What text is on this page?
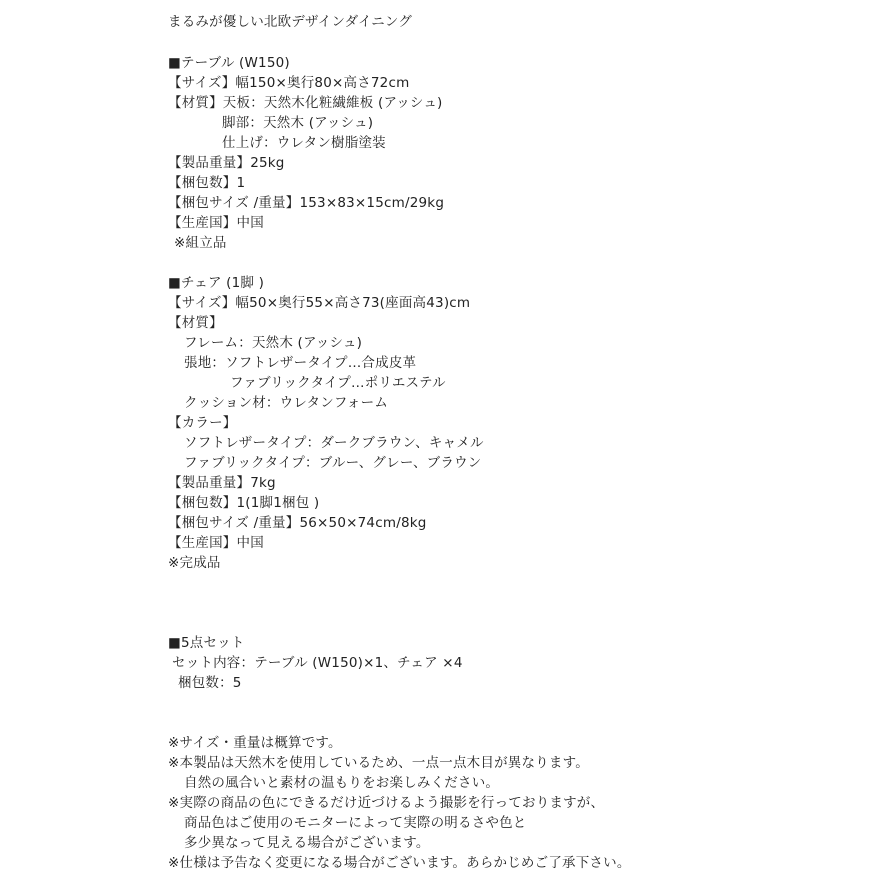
まるみが優しい北欧デザインダイニング
■テーブル (W150)
【サイズ】幅150×奥行80×高さ72cm
【材質】天板：天然木化粧繊維板 (アッシュ)
脚部：天然木 (アッシュ)
仕上げ：ウレタン樹脂塗装
【製品重量】25kg
【梱包数】1
【梱包サイズ /重量】153×83×15cm/29kg
【生産国】中国
※組立品
■チェア (1脚 )
【サイズ】幅50×奥行55×高さ73(座面高43)cm
【材質】
フレーム：天然木 (アッシュ)
張地：ソフトレザータイプ…合成皮革
ファブリックタイプ…ポリエステル
クッション材：ウレタンフォーム
【カラー】
ソフトレザータイプ：ダークブラウン、キャメル
ファブリックタイプ：ブルー、グレー、ブラウン
【製品重量】7kg
【梱包数】1(1脚1梱包 )
【梱包サイズ /重量】56×50×74cm/8kg
【生産国】中国
※完成品
■5点セット
セット内容：テーブル (W150)×1、チェア ×4
梱包数：5
※サイズ・重量は概算です。
※本製品は天然木を使用しているため、一点一点木目が異なります。
自然の風合いと素材の温もりをお楽しみください。
※実際の商品の色にできるだけ近づけるよう撮影を行っておりますが、
商品色はご使用のモニターによって実際の明るさや色と
多少異なって見える場合がございます。
※仕様は予告なく変更になる場合がございます。あらかじめご了承下さい。
